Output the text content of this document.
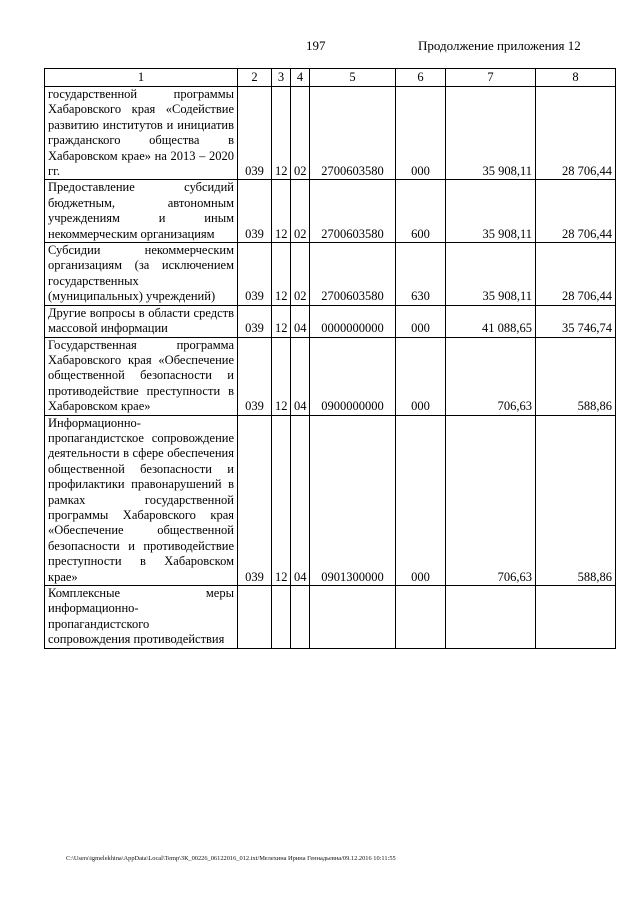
197	Продолжение приложения 12
1	2	3	4	5	6	7	8
государственной программы Хабаровского края «Содействие развитию институтов и инициатив гражданского общества в Хабаровском крае» на 2013 – 2020 гг.	039	12	02	2700603580	000	35 908,11	28 706,44
Предоставление субсидий бюджетным, автономным учреждениям и иным некоммерческим организациям	039	12	02	2700603580	600	35 908,11	28 706,44
Субсидии некоммерческим организациям (за исключением государственных (муниципальных) учреждений)	039	12	02	2700603580	630	35 908,11	28 706,44
Другие вопросы в области средств массовой информации	039	12	04	0000000000	000	41 088,65	35 746,74
Государственная программа Хабаровского края «Обеспечение общественной безопасности и противодействие преступности в Хабаровском крае»	039	12	04	0900000000	000	706,63	588,86
Информационно-пропагандистское сопровождение деятельности в сфере обеспечения общественной безопасности и профилактики правонарушений в рамках государственной программы Хабаровского края «Обеспечение общественной безопасности и противодействие преступности в Хабаровском крае»	039	12	04	0901300000	000	706,63	588,86
Комплексные меры информационно-пропагандистского сопровождения противодействия							
C:\Users\igmelekhina\AppData\Local\Temp\ЗК_00226_06122016_012.txt/Мелехина Ирина Геннадьевна/09.12.2016 10:11:55
